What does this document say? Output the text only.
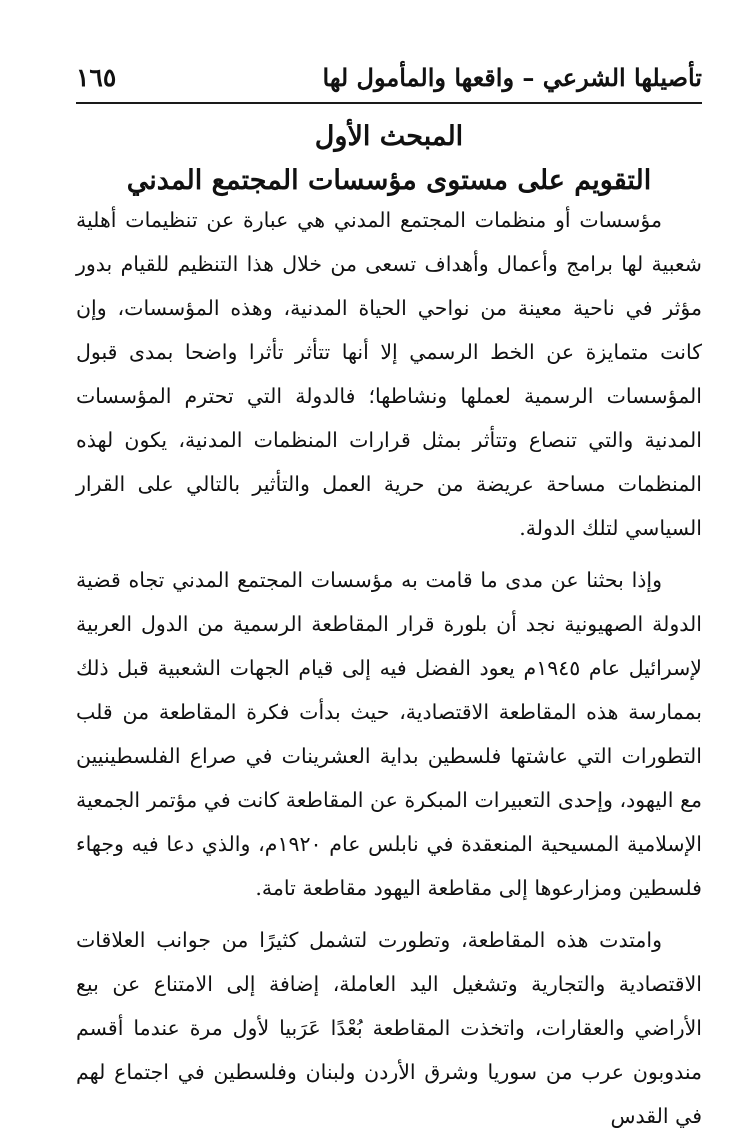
تأصيلها الشرعي – واقعها والمأمول لها
١٦٥
المبحث الأول
التقويم على مستوى مؤسسات المجتمع المدني

مؤسسات أو منظمات المجتمع المدني هي عبارة عن تنظيمات أهلية شعبية لها برامج وأعمال وأهداف تسعى من خلال هذا التنظيم للقيام بدور مؤثر في ناحية معينة من نواحي الحياة المدنية، وهذه المؤسسات، وإن كانت متمايزة عن الخط الرسمي إلا أنها تتأثر تأثرا واضحا بمدى قبول المؤسسات الرسمية لعملها ونشاطها؛ فالدولة التي تحترم المؤسسات المدنية والتي تنصاع وتتأثر بمثل قرارات المنظمات المدنية، يكون لهذه المنظمات مساحة عريضة من حرية العمل والتأثير بالتالي على القرار السياسي لتلك الدولة.

وإذا بحثنا عن مدى ما قامت به مؤسسات المجتمع المدني تجاه قضية الدولة الصهيونية نجد أن بلورة قرار المقاطعة الرسمية من الدول العربية لإسرائيل عام ١٩٤٥م يعود الفضل فيه إلى قيام الجهات الشعبية قبل ذلك بممارسة هذه المقاطعة الاقتصادية، حيث بدأت فكرة المقاطعة من قلب التطورات التي عاشتها فلسطين بداية العشرينات في صراع الفلسطينيين مع اليهود، وإحدى التعبيرات المبكرة عن المقاطعة كانت في مؤتمر الجمعية الإسلامية المسيحية المنعقدة في نابلس عام ١٩٢٠م، والذي دعا فيه وجهاء فلسطين ومزارعوها إلى مقاطعة اليهود مقاطعة تامة.

وامتدت هذه المقاطعة، وتطورت لتشمل كثيرًا من جوانب العلاقات الاقتصادية والتجارية وتشغيل اليد العاملة، إضافة إلى الامتناع عن بيع الأراضي والعقارات، واتخذت المقاطعة بُعْدًا عَرَبيا لأول مرة عندما أقسم مندوبون عرب من سوريا وشرق الأردن ولبنان وفلسطين في اجتماع لهم في القدس
